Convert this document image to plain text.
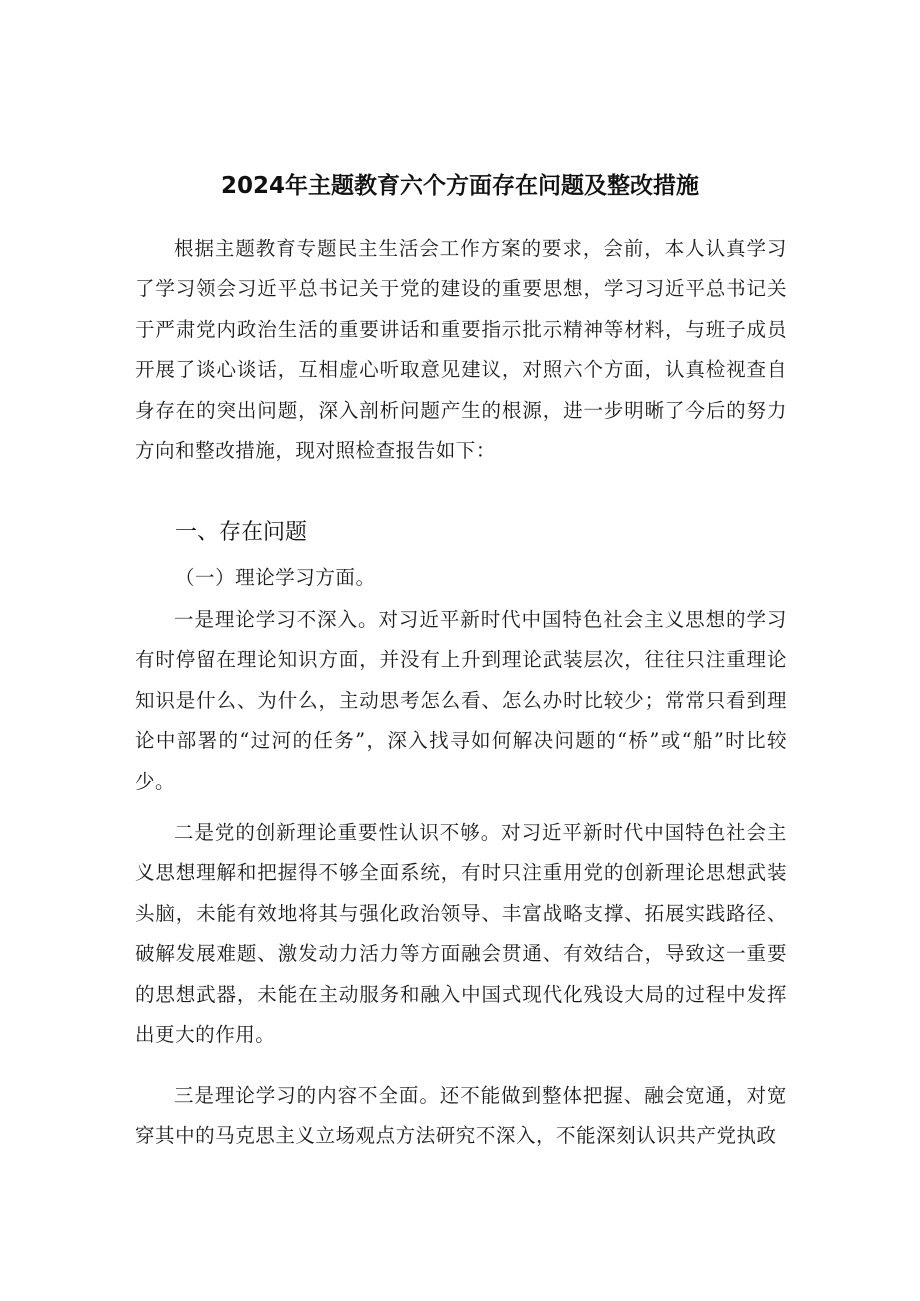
2024年主题教育六个方面存在问题及整改措施

根据主题教育专题民主生活会工作方案的要求，会前，本人认真学习了学习领会习近平总书记关于党的建设的重要思想，学习习近平总书记关于严肃党内政治生活的重要讲话和重要指示批示精神等材料，与班子成员开展了谈心谈话，互相虚心听取意见建议，对照六个方面，认真检视查自身存在的突出问题，深入剖析问题产生的根源，进一步明晰了今后的努力方向和整改措施，现对照检查报告如下：

一、存在问题
（一）理论学习方面。

一是理论学习不深入。对习近平新时代中国特色社会主义思想的学习有时停留在理论知识方面，并没有上升到理论武装层次，往往只注重理论知识是什么、为什么，主动思考怎么看、怎么办时比较少；常常只看到理论中部署的“过河的任务”，深入找寻如何解决问题的“桥”或“船”时比较少。

二是党的创新理论重要性认识不够。对习近平新时代中国特色社会主义思想理解和把握得不够全面系统，有时只注重用党的创新理论思想武装头脑，未能有效地将其与强化政治领导、丰富战略支撑、拓展实践路径、破解发展难题、激发动力活力等方面融会贯通、有效结合，导致这一重要的思想武器，未能在主动服务和融入中国式现代化残设大局的过程中发挥出更大的作用。

三是理论学习的内容不全面。还不能做到整体把握、融会宽通，对宽穿其中的马克思主义立场观点方法研究不深入，不能深刻认识共产党执政
